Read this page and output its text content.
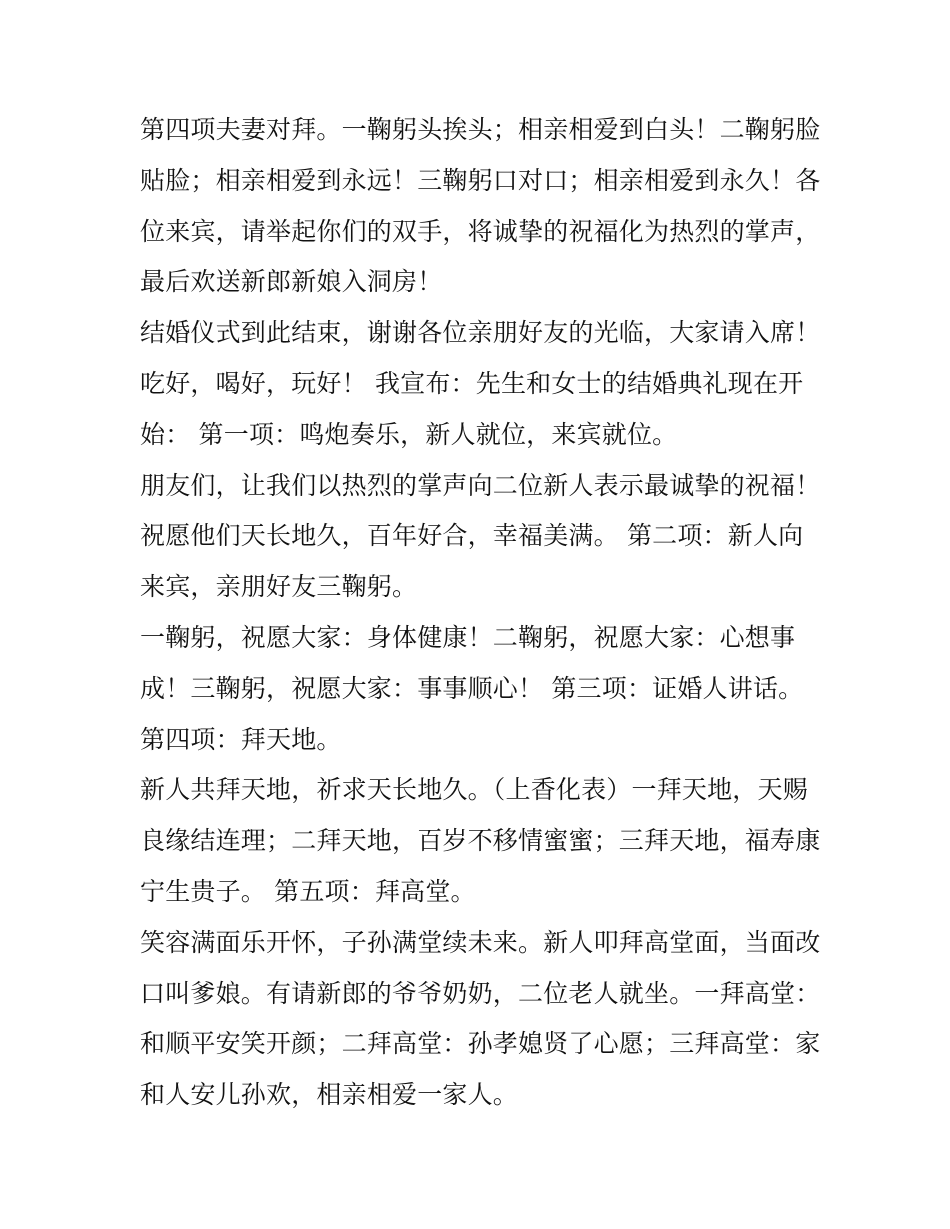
第四项夫妻对拜。一鞠躬头挨头；相亲相爱到白头！二鞠躬脸
贴脸；相亲相爱到永远！三鞠躬口对口；相亲相爱到永久！各
位来宾，请举起你们的双手，将诚挚的祝福化为热烈的掌声，
最后欢送新郎新娘入洞房！
结婚仪式到此结束，谢谢各位亲朋好友的光临，大家请入席！
吃好，喝好，玩好！ 我宣布：先生和女士的结婚典礼现在开
始： 第一项：鸣炮奏乐，新人就位，来宾就位。
朋友们，让我们以热烈的掌声向二位新人表示最诚挚的祝福！
祝愿他们天长地久，百年好合，幸福美满。 第二项：新人向
来宾，亲朋好友三鞠躬。
一鞠躬，祝愿大家：身体健康！二鞠躬，祝愿大家：心想事
成！三鞠躬，祝愿大家：事事顺心！ 第三项：证婚人讲话。
第四项：拜天地。
新人共拜天地，祈求天长地久。（上香化表）一拜天地，天赐
良缘结连理；二拜天地，百岁不移情蜜蜜；三拜天地，福寿康
宁生贵子。 第五项：拜高堂。
笑容满面乐开怀，子孙满堂续未来。新人叩拜高堂面，当面改
口叫爹娘。有请新郎的爷爷奶奶，二位老人就坐。一拜高堂：
和顺平安笑开颜；二拜高堂：孙孝媳贤了心愿；三拜高堂：家
和人安儿孙欢，相亲相爱一家人。
